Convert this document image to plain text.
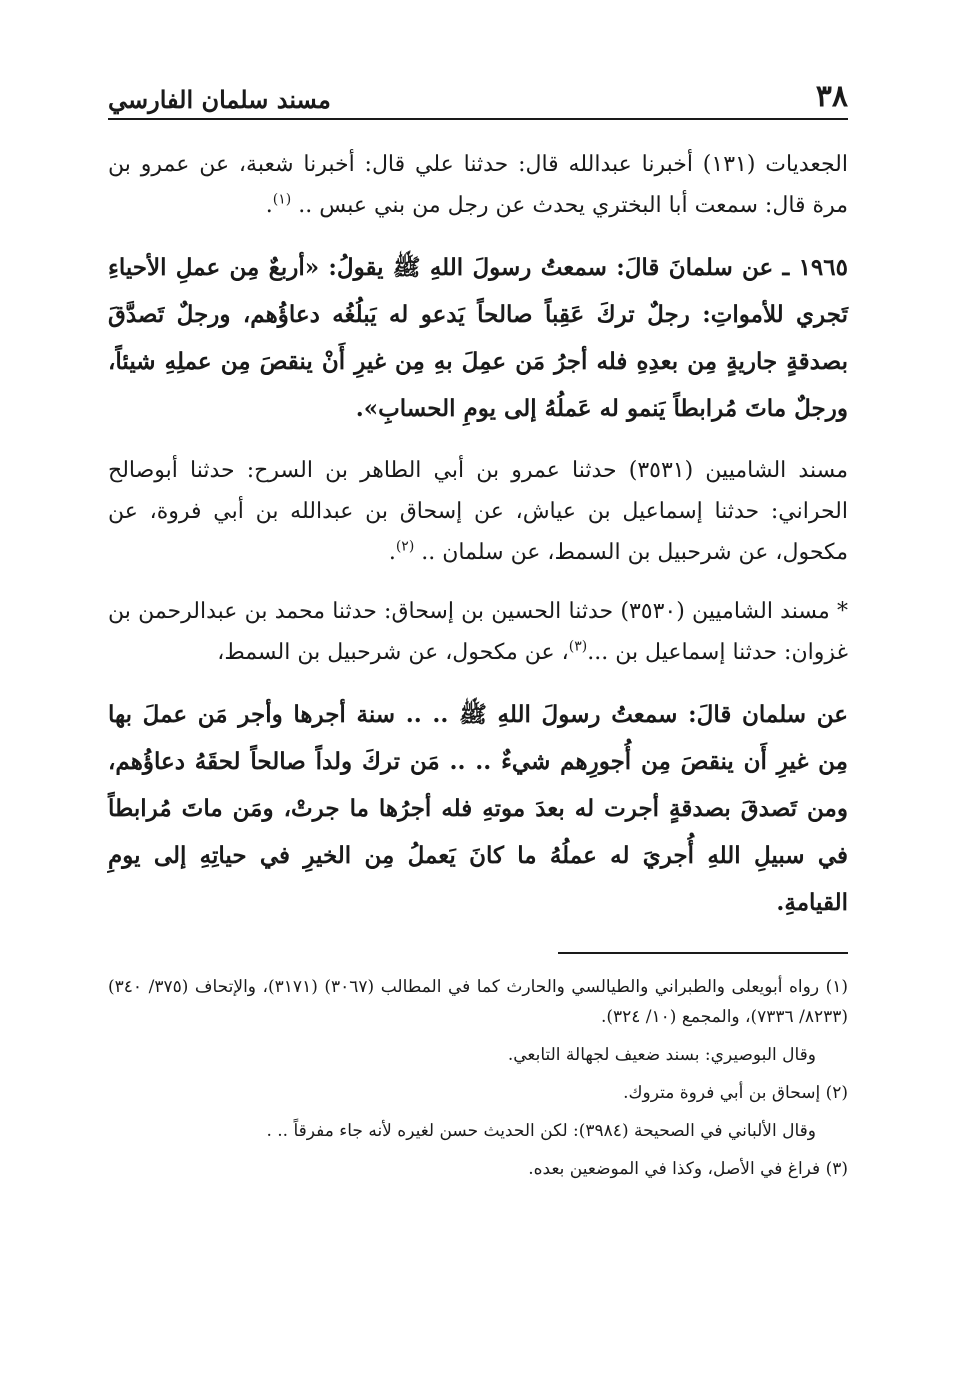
٣٨
مسند سلمان الفارسي

الجعديات (١٣١) أخبرنا عبدالله قال: حدثنا علي قال: أخبرنا شعبة، عن عمرو بن مرة قال: سمعت أبا البختري يحدث عن رجل من بني عبس .. $^{(١)}$.

١٩٦٥ ـ عن سلمانَ قالَ: سمعتُ رسولَ اللهِ ﷺ يقولُ: «أربعٌ مِن عملِ الأحياءِ تَجري للأمواتِ: رجلٌ تركَ عَقِباً صالحاً يَدعو له يَبلُغُه دعاؤُهم، ورجلٌ تَصدَّقَ بصدقةٍ جاريةٍ مِن بعدِهِ فله أجرُ مَن عمِلَ بهِ مِن غيرِ أَنْ ينقصَ مِن عملِهِ شيئاً، ورجلٌ ماتَ مُرابطاً يَنمو له عَملُهُ إلى يومِ الحسابِ».

مسند الشاميين (٣٥٣١) حدثنا عمرو بن أبي الطاهر بن السرح: حدثنا أبوصالح الحراني: حدثنا إسماعيل بن عياش، عن إسحاق بن عبدالله بن أبي فروة، عن مكحول، عن شرحبيل بن السمط، عن سلمان .. $^{(٢)}$.

* مسند الشاميين (٣٥٣٠) حدثنا الحسين بن إسحاق: حدثنا محمد بن عبدالرحمن بن غزوان: حدثنا إسماعيل بن ...$^{(٣)}$، عن مكحول، عن شرحبيل بن السمط،

عن سلمان قالَ: سمعتُ رسولَ اللهِ ﷺ .. .. سنة أجرها وأجر مَن عملَ بها مِن غيرِ أَن ينقصَ مِن أُجورِهم شيءٌ .. .. مَن تركَ ولداً صالحاً لحقَهُ دعاؤُهم، ومن تَصدقَ بصدقةٍ أجرت له بعدَ موتهِ فله أجرُها ما جرتْ، ومَن ماتَ مُرابطاً في سبيلِ اللهِ أُجريَ له عملُهُ ما كانَ يَعملُ مِن الخيرِ في حياتِهِ إلى يومِ القيامةِ.

(١) رواه أبويعلى والطبراني والطيالسي والحارث كما في المطالب (٣٠٦٧) (٣١٧١)، والإتحاف (٣٧٥/ ٣٤٠) (٨٢٣٣/ ٧٣٣٦)، والمجمع (١٠/ ٣٢٤).

وقال البوصيري: بسند ضعيف لجهالة التابعي.

(٢) إسحاق بن أبي فروة متروك.

وقال الألباني في الصحيحة (٣٩٨٤): لكن الحديث حسن لغيره لأنه جاء مفرقاً .. .

(٣) فراغ في الأصل، وكذا في الموضعين بعده.
